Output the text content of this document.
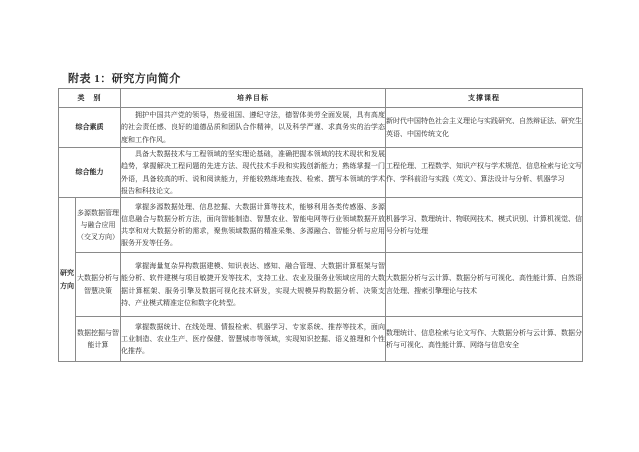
附表 1：研究方向简介
类　别		培养目标	支撑课程
综合素质		拥护中国共产党的领导，热爱祖国、遵纪守法，德智体美劳全面发展，具有高度的社会责任感、良好的道德品质和团队合作精神，以及科学严谨、求真务实的治学态度和工作作风。	新时代中国特色社会主义理论与实践研究、自然辩证法、研究生英语、中国传统文化
综合能力		具备大数据技术与工程领域的坚实理论基础，准确把握本领域的技术现状和发展趋势，掌握解决工程问题的先进方法、现代技术手段和实践创新能力；熟练掌握一门外语，具备较高的听、说和阅读能力，并能较熟练地查找、检索、撰写本领域的学术报告和科技论文。	工程伦理、工程数学、知识产权与学术规范、信息检索与论文写作、学科前沿与实践（英文）、算法设计与分析、机器学习
研究方向	多源数据管理与融合应用（交叉方向）	掌握多源数据处理、信息挖掘、大数据计算等技术，能够利用各类传感器、多源信息融合与数据分析方法，面向智能制造、智慧农业、智能电网等行业领域数据开放共享和对大数据分析的需求，聚焦领域数据的精准采集、多源融合、智能分析与应用服务开发等任务。	机器学习、数理统计、物联网技术、模式识别、计算机视觉、信号分析与处理
	大数据分析与智慧决策	掌握海量复杂异构数据建模、知识表达、感知、融合管理、大数据计算框架与智能分析、软件建模与项目敏捷开发等技术，支持工业、农业及服务业领域应用的大数据计算框架、服务引擎及数据可视化技术研发，实现大规模异构数据分析、决策支持、产业模式精准定位和数字化转型。	大数据分析与云计算、数据分析与可视化、高性能计算、自然语言处理、搜索引擎理论与技术
	数据挖掘与智能计算	掌握数据统计、在线处理、情报检索、机器学习、专家系统、推荐等技术，面向工业制造、农业生产、医疗保健、智慧城市等领域，实现知识挖掘、语义推理和个性化推荐。	数理统计、信息检索与论文写作、大数据分析与云计算、数据分析与可视化、高性能计算、网络与信息安全
